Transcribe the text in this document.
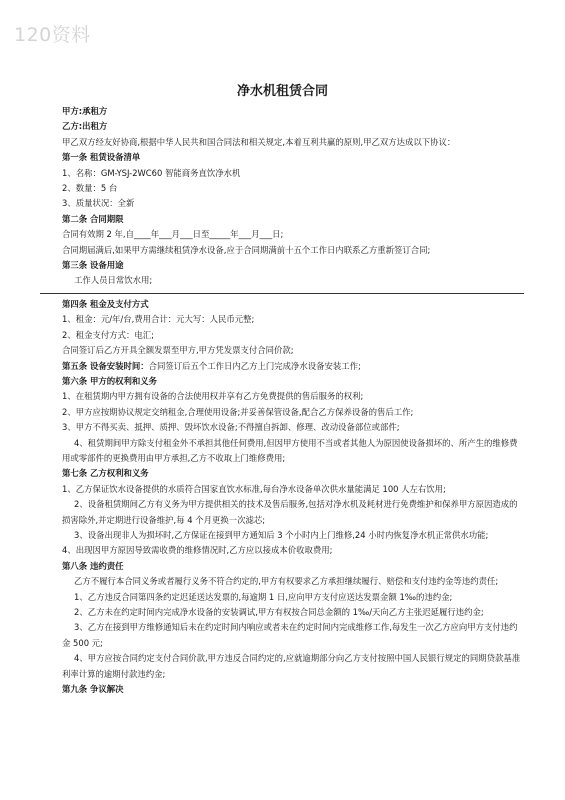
120资料
净水机租赁合同
甲方:承租方
乙方:出租方
甲乙双方经友好协商,根据中华人民共和国合同法和相关规定,本着互利共赢的原则,甲乙双方达成以下协议：
第一条 租赁设备清单
1、名称：GM-YSJ-2WC60 智能商务直饮净水机
2、数量：5 台
3、质量状况：全新
第二条 合同期限
合同有效期 2 年,自____年___月___日至_____年___月___日;
合同期届满后,如果甲方需继续租赁净水设备,应于合同期满前十五个工作日内联系乙方重新签订合同;
第三条 设备用途
工作人员日常饮水用;
第四条 租金及支付方式
1、租金：元/年/台,费用合计：元大写：人民币元整;
2、租金支付方式：电汇;
合同签订后乙方开具全额发票至甲方,甲方凭发票支付合同价款;
第五条 设备安装时间：合同签订后五个工作日内乙方上门完成净水设备安装工作;
第六条 甲方的权利和义务
1、在租赁期内甲方拥有设备的合法使用权并享有乙方免费提供的售后服务的权利;
2、甲方应按期协议规定交纳租金,合理使用设备;并妥善保管设备,配合乙方保养设备的售后工作;
3、甲方不得买卖、抵押、质押、毁坏饮水设备;不得擅自拆卸、修理、改动设备部位或部件;
4、租赁期间甲方除支付租金外不承担其他任何费用,但因甲方使用不当或者其他人为原因使设备损坏的、所产生的维修费用或零部件的更换费用由甲方承担,乙方不收取上门维修费用;
第七条 乙方权利和义务
1、乙方保证饮水设备提供的水质符合国家直饮水标准,每台净水设备单次供水量能满足 100 人左右饮用;
2、设备租赁期间乙方有义务为甲方提供相关的技术及售后服务,包括对净水机及耗材进行免费维护和保养甲方原因造成的损害除外,并定期进行设备维护,每 4 个月更换一次滤芯;
3、设备出现非人为损坏时,乙方保证在接到甲方通知后 3 个小时内上门维修,24 小时内恢复净水机正常供水功能;
4、出现因甲方原因导致需收费的维修情况时,乙方应以接成本价收取费用;
第八条 违约责任
乙方不履行本合同义务或者履行义务不符合约定的,甲方有权要求乙方承担继续履行、赔偿和支付违约金等违约责任;
1、乙方违反合同第四条约定迟延送达发票的,每逾期 1 日,应向甲方支付应送达发票金额 1‰的违约金;
2、乙方未在约定时间内完成净水设备的安装调试,甲方有权按合同总金额的 1‰/天向乙方主张迟延履行违约金;
3、乙方在接到甲方维修通知后未在约定时间内响应或者未在约定时间内完成维修工作,每发生一次乙方应向甲方支付违约金 500 元;
4、甲方应按合同约定支付合同价款,甲方违反合同约定的,应就逾期部分向乙方支付按照中国人民银行规定的同期贷款基准利率计算的逾期付款违约金;
第九条 争议解决
